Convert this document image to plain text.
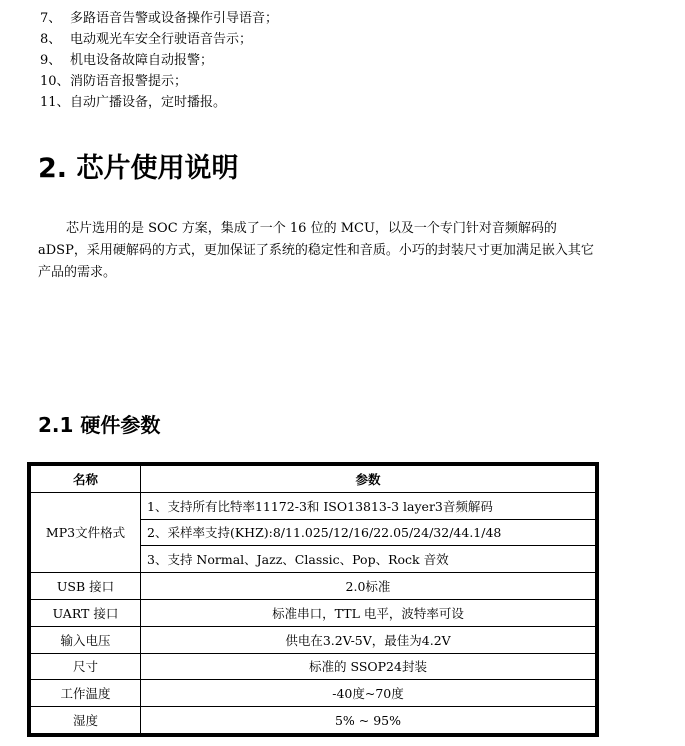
7、 多路语音告警或设备操作引导语音；
8、 电动观光车安全行驶语音告示；
9、 机电设备故障自动报警；
10、消防语音报警提示；
11、自动广播设备，定时播报。
2. 芯片使用说明
芯片选用的是 SOC 方案，集成了一个 16 位的 MCU，以及一个专门针对音频解码的 aDSP，采用硬解码的方式，更加保证了系统的稳定性和音质。小巧的封装尺寸更加满足嵌入其它产品的需求。
2.1 硬件参数
名称	参数
MP3文件格式	1、支持所有比特率11172-3和 ISO13813-3 layer3音频解码
	2、采样率支持(KHZ):8/11.025/12/16/22.05/24/32/44.1/48
	3、支持 Normal、Jazz、Classic、Pop、Rock 音效
USB 接口	2.0标准
UART 接口	标准串口，TTL 电平，波特率可设
输入电压	供电在3.2V-5V，最佳为4.2V
尺寸	标准的 SSOP24封装
工作温度	-40度~70度
湿度	5% ~ 95%
